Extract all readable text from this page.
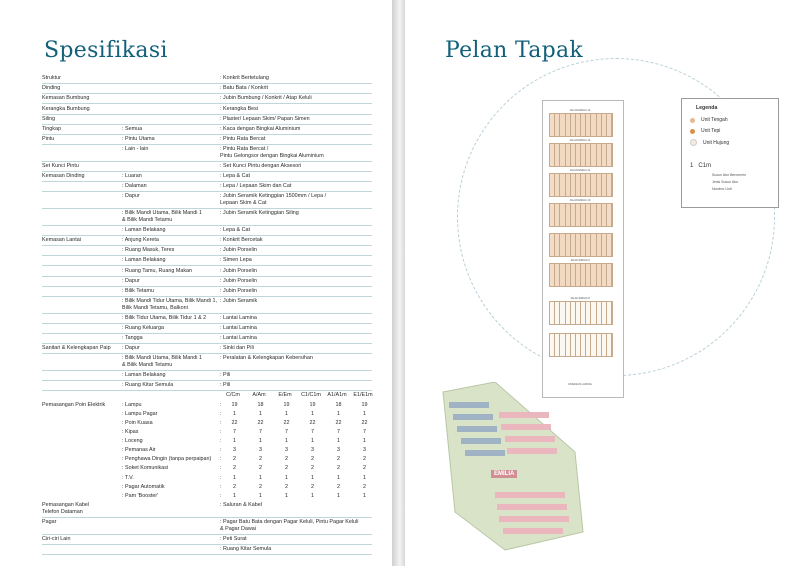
Spesifikasi
Struktur	: Konkrit Bertetulang
Dinding	: Batu Bata / Konkrit
Kemasan Bumbung	: Jubin Bumbung / Konkrit / Atap Keluli
Kerangka Bumbung	: Kerangka Besi
Siling	: Plaster/ Lepaan Skim/ Papan Simen
Tingkap	: Semua	: Kaca dengan Bingkai Aluminium
Pintu	: Pintu Utama	: Pintu Rata Bercat
: Lain - lain	: Pintu Rata Bercat /
Pintu Gelongsor dengan Bingkai Aluminium
Set Kunci Pintu	: Set Kunci Pintu dengan Aksesori
Kemasan Dinding	: Luaran	: Lepa & Cat
: Dalaman	: Lepa / Lepaan Skim dan Cat
: Dapur	: Jubin Seramik Ketinggian 1500mm / Lepa /
Lepaan Skim & Cat
: Bilik Mandi Utama, Bilik Mandi 1
& Bilik Mandi Tetamu
: Jubin Seramik Ketinggian Siling
: Laman Belakang	: Lepa & Cat
Kemasan Lantai	: Anjung Kereta	: Konkrit Bercetak
: Ruang Masuk, Teres	: Jubin Porselin
: Laman Belakang	: Simen Lepa
: Ruang Tamu, Ruang Makan	: Jubin Porselin
: Dapur	: Jubin Porselin
: Bilik Tetamu	: Jubin Porselin
: Bilik Mandi Tidur Utama, Bilik Mandi 1,
Bilik Mandi Tetamu, Balkoni
: Jubin Seramik
: Bilik Tidur Utama, Bilik Tidur 1 & 2	: Lantai Lamina
: Ruang Keluarga	: Lantai Lamina
: Tangga	: Lantai Lamina
Sanitari & Kelengkapan Paip	: Dapur	: Sinki dan Pili
: Bilik Mandi Utama, Bilik Mandi 1
& Bilik Mandi Tetamu
: Peralatan & Kelengkapan Kebersihan
: Laman Belakang	: Pili
: Ruang Kitar Semula	: Pili
C/Cm	A/Am	E/Em	C1/C1m	A1/A1m	E1/E1m
Pemasangan Poin Elektrik	: Lampu	:	19	18	19	19	18	19
: Lampu Pagar	:	1	1	1	1	1	1
: Poin Kuasa	:	22	22	22	22	22	22
: Kipas	:	7	7	7	7	7	7
: Loceng	:	1	1	1	1	1	1
: Pemanas Air	:	3	3	3	3	3	3
: Penghawa Dingin (tanpa perpaipan)	:	2	2	2	2	2	2
: Soket Komunikasi	:	2	2	2	2	2	2
: T.V.	:	1	1	1	1	1	1
: Pagar Automatik	:	2	2	2	2	2	2
: Pam 'Booster'	:	1	1	1	1	1	1
Pemasangan Kabel
Telefon Dataman
: Saluran & Kabel
Pagar	: Pagar Batu Bata dengan Pagar Keluli, Pintu Pagar Keluli
& Pagar Dawai
Ciri-ciri Lain	: Peti Surat
: Ruang Kitar Semula
Pelan Tapak
JALAN EMILIA 13
JALAN EMILIA 12
JALAN EMILIA 11
JALAN EMILIA 10
JALAN EMILIA 9
JALAN EMILIA 8
KAWASAN LAPANG
Legenda
Unit Tengah
Unit Tepi
Unit Hujung
1 C1m
Susun Atur Bercermin
Jenis Susun Atur
Nombor Unit
EMILIA
